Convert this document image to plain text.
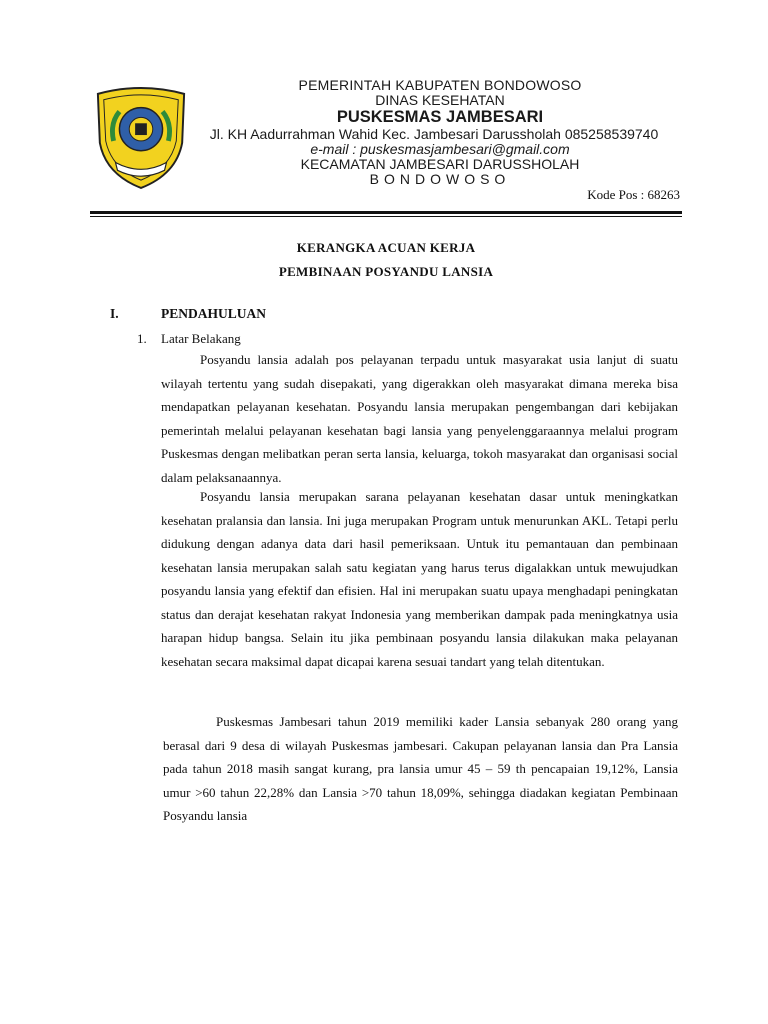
PEMERINTAH KABUPATEN BONDOWOSO
DINAS KESEHATAN
PUSKESMAS JAMBESARI
Jl. KH Aadurrahman Wahid Kec. Jambesari Darussholah 085258539740
e-mail : puskesmasjambesari@gmail.com
KECAMATAN JAMBESARI DARUSSHOLAH
BONDOWOSO
Kode Pos : 68263
KERANGKA ACUAN KERJA
PEMBINAAN POSYANDU LANSIA
I.	PENDAHULUAN
1. Latar Belakang
Posyandu lansia adalah pos pelayanan terpadu untuk masyarakat usia lanjut di suatu wilayah tertentu yang sudah disepakati, yang digerakkan oleh masyarakat dimana mereka bisa mendapatkan pelayanan kesehatan. Posyandu lansia merupakan pengembangan dari kebijakan pemerintah melalui pelayanan kesehatan bagi lansia yang penyelenggaraannya melalui program Puskesmas dengan melibatkan peran serta lansia, keluarga, tokoh masyarakat dan organisasi social dalam pelaksanaannya.
Posyandu lansia merupakan sarana pelayanan kesehatan dasar untuk meningkatkan kesehatan pralansia dan lansia. Ini juga merupakan Program untuk menurunkan AKL. Tetapi perlu didukung dengan adanya data dari hasil pemeriksaan. Untuk itu pemantauan dan pembinaan kesehatan lansia merupakan salah satu kegiatan yang harus terus digalakkan untuk mewujudkan posyandu lansia yang efektif dan efisien. Hal ini merupakan suatu upaya menghadapi peningkatan status dan derajat kesehatan rakyat Indonesia yang memberikan dampak pada meningkatnya usia harapan hidup bangsa. Selain itu jika pembinaan posyandu lansia dilakukan maka pelayanan kesehatan secara maksimal dapat dicapai karena sesuai tandart yang telah ditentukan.
Puskesmas Jambesari tahun 2019 memiliki kader Lansia sebanyak 280 orang yang berasal dari 9 desa di wilayah Puskesmas jambesari. Cakupan pelayanan lansia dan Pra Lansia pada tahun 2018 masih sangat kurang, pra lansia umur 45 – 59 th pencapaian 19,12%, Lansia umur >60 tahun 22,28% dan Lansia >70 tahun 18,09%, sehingga diadakan kegiatan Pembinaan Posyandu lansia
